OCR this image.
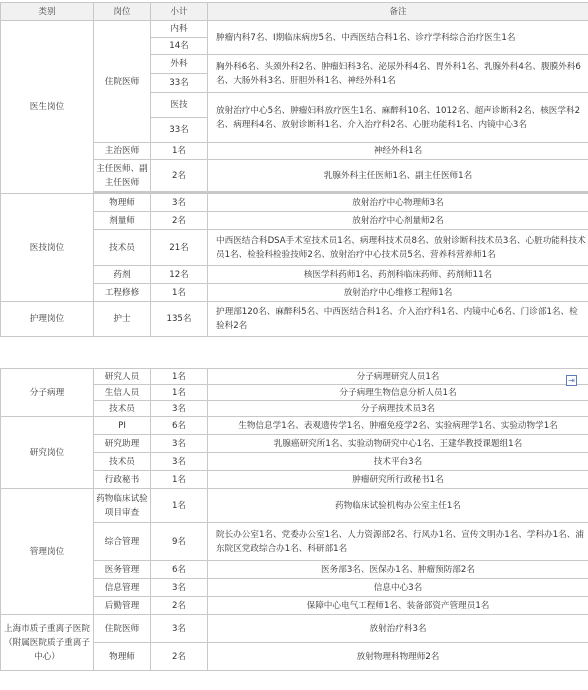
类别	岗位	小计	备注
医生岗位	住院医师	内科	肿瘤内科7名、I期临床病房5名、中西医结合科1名、诊疗学科综合治疗医生1名
		14名	
		外科	胸外科6名、头颈外科2名、肿瘤妇科3名、泌尿外科4名、胃外科1名、乳腺外科4名、腹膜外科6名、大肠外科3名、肝胆外科1名、神经外科1名
		33名	
		医技	放射治疗中心5名、肿瘤妇科放疗医生1名、麻醉科10名、1012名、超声诊断科2名、核医学科2名、病理科4名、放射诊断科1名、介入治疗科2名、心脏功能科1名、内镜中心3名
		33名	
	主治医师	1名	神经外科1名
	主任医师、副主任医师	2名	乳腺外科主任医师1名、副主任医师1名

医技岗位	物理师	3名	放射治疗中心物理师3名
	剂量师	2名	放射治疗中心剂量师2名
	技术员	21名	中西医结合科DSA手术室技术员1名、病理科技术员8名、放射诊断科技术员3名、心脏功能科技术员1名、检验科检验技师2名、放射治疗中心技术员5名、营养科营养师1名
	药剂	12名	核医学科药师1名、药剂科临床药师、药剂师11名
	工程修修	1名	放射治疗中心维修工程师1名
护理岗位	护士	135名	护理部120名、麻醉科5名、中西医结合科1名、介入治疗科1名、内镜中心6名、门诊部1名、检验科2名
分子病理	研究人员	1名	分子病理研究人员1名
	生信人员	1名	分子病理生物信息分析人员1名
	技术员	3名	分子病理技术员3名
研究岗位	PI	6名	生物信息学1名、表观遗传学1名、肿瘤免疫学2名、实验病理学1名、实验动物学1名
	研究助理	3名	乳腺癌研究所1名、实验动物研究中心1名、王建华教授课题组1名
	技术员	3名	技术平台3名
	行政秘书	1名	肿瘤研究所行政秘书1名
管理岗位	药物临床试验项目审查	1名	药物临床试验机构办公室主任1名
	综合管理	9名	院长办公室1名、党委办公室1名、人力资源部2名、行风办1名、宣传文明办1名、学科办1名、浦东院区党政综合办1名、科研部1名
	医务管理	6名	医务部3名、医保办1名、肿瘤预防部2名
	信息管理	3名	信息中心3名
	后勤管理	2名	保障中心电气工程师1名、装备部资产管理员1名
上海市质子重离子医院（附属医院质子重离子中心）	住院医师	3名	放射治疗科3名
	物理师	2名	放射物理科物理师2名
⇥
